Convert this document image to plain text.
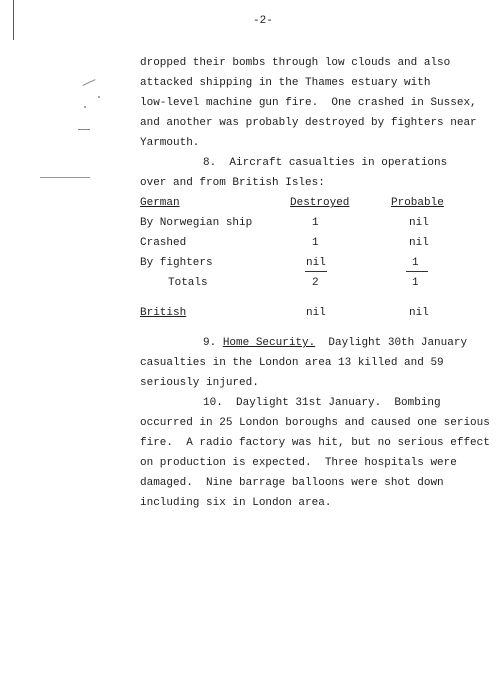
-2-
dropped their bombs through low clouds and also
attacked shipping in the Thames estuary with
low-level machine gun fire.  One crashed in Sussex,
and another was probably destroyed by fighters near
Yarmouth.
8.  Aircraft casualties in operations
over and from British Isles:
German	Destroyed	Probable
By Norwegian ship	1	nil
Crashed	1	nil
By fighters	nil	1
Totals	2	1
British	nil	nil
9. Home Security.  Daylight 30th January
casualties in the London area 13 killed and 59
seriously injured.
10.  Daylight 31st January.  Bombing
occurred in 25 London boroughs and caused one serious
fire.  A radio factory was hit, but no serious effect
on production is expected.  Three hospitals were
damaged.  Nine barrage balloons were shot down
including six in London area.
